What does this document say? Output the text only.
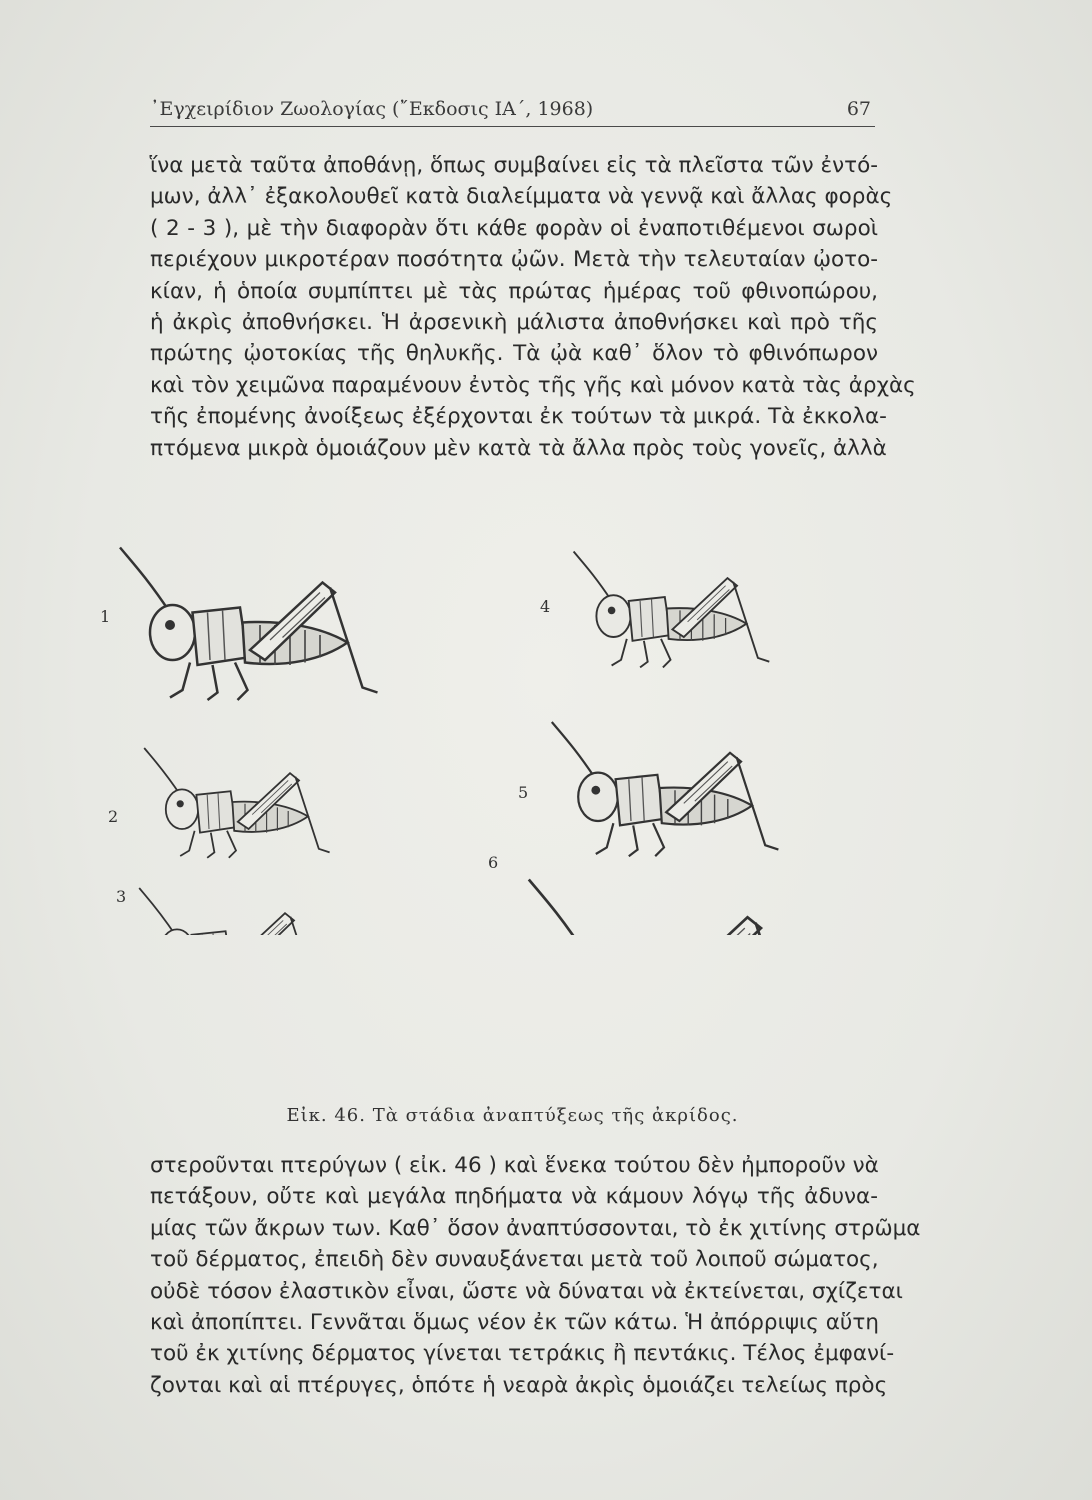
᾽Εγχειρίδιον Ζωολογίας (῎Εκδοσις ΙΑ΄, 1968)	67
ἵνα μετὰ ταῦτα ἀποθάνῃ, ὅπως συμβαίνει εἰς τὰ πλεῖστα τῶν ἐντό-
μων, ἀλλ᾽ ἐξακολουθεῖ κατὰ διαλείμματα νὰ γεννᾷ καὶ ἄλλας φορὰς
( 2 - 3 ), μὲ τὴν διαφορὰν ὅτι κάθε φορὰν οἱ ἐναποτιθέμενοι σωροὶ
περιέχουν μικροτέραν ποσότητα ᾠῶν. Μετὰ τὴν τελευταίαν ᾠοτο-
κίαν, ἡ ὁποία συμπίπτει μὲ τὰς πρώτας ἡμέρας τοῦ φθινοπώρου,
ἡ ἀκρὶς ἀποθνήσκει. Ἡ ἀρσενικὴ μάλιστα ἀποθνήσκει καὶ πρὸ τῆς
πρώτης ᾠοτοκίας τῆς θηλυκῆς. Τὰ ᾠὰ καθ᾽ ὅλον τὸ φθινόπωρον
καὶ τὸν χειμῶνα παραμένουν ἐντὸς τῆς γῆς καὶ μόνον κατὰ τὰς ἀρχὰς
τῆς ἐπομένης ἀνοίξεως ἐξέρχονται ἐκ τούτων τὰ μικρά. Τὰ ἐκκολα-
πτόμενα μικρὰ ὁμοιάζουν μὲν κατὰ τὰ ἄλλα πρὸς τοὺς γονεῖς, ἀλλὰ
1
2
3
4
5
6
Εἰκ. 46. Τὰ στάδια ἀναπτύξεως τῆς ἀκρίδος.
στεροῦνται πτερύγων ( εἰκ. 46 ) καὶ ἕνεκα τούτου δὲν ἠμποροῦν νὰ
πετάξουν, οὔτε καὶ μεγάλα πηδήματα νὰ κάμουν λόγῳ τῆς ἀδυνα-
μίας τῶν ἄκρων των. Καθ᾽ ὅσον ἀναπτύσσονται, τὸ ἐκ χιτίνης στρῶμα
τοῦ δέρματος, ἐπειδὴ δὲν συναυξάνεται μετὰ τοῦ λοιποῦ σώματος,
οὐδὲ τόσον ἐλαστικὸν εἶναι, ὥστε νὰ δύναται νὰ ἐκτείνεται, σχίζεται
καὶ ἀποπίπτει. Γεννᾶται ὅμως νέον ἐκ τῶν κάτω. Ἡ ἀπόρριψις αὕτη
τοῦ ἐκ χιτίνης δέρματος γίνεται τετράκις ἢ πεντάκις. Τέλος ἐμφανί-
ζονται καὶ αἱ πτέρυγες, ὁπότε ἡ νεαρὰ ἀκρὶς ὁμοιάζει τελείως πρὸς
